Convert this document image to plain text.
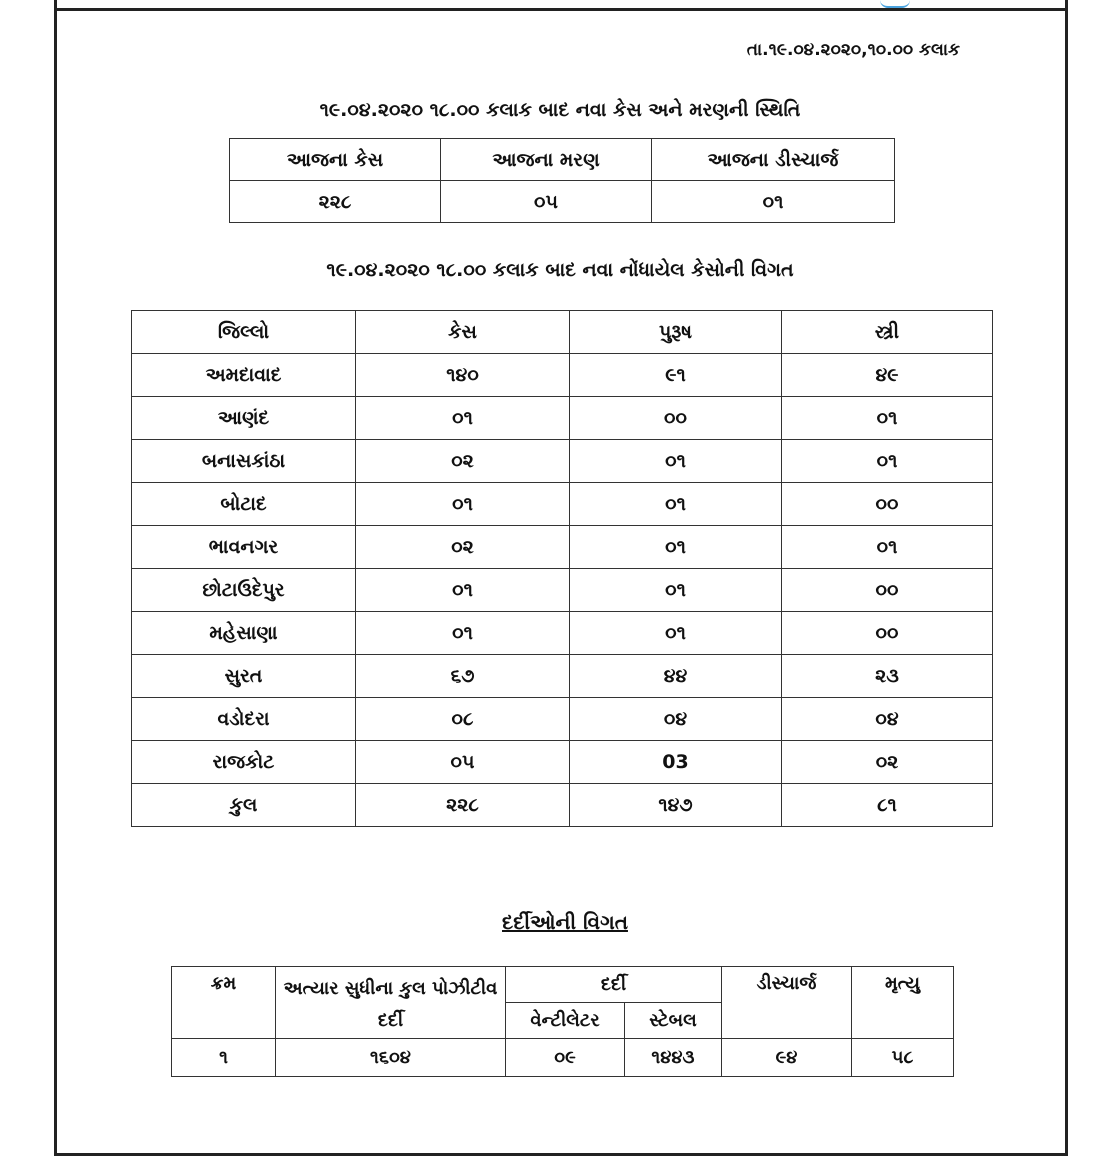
તા.૧૯.૦૪.૨૦૨૦,૧૦.૦૦ કલાક
૧૯.૦૪.૨૦૨૦ ૧૮.૦૦ કલાક બાદ નવા કેસ અને મરણની સ્થિતિ
આજના કેસ	આજના મરણ	આજના ડીસ્ચાર્જ
૨૨૮	૦૫	૦૧
૧૯.૦૪.૨૦૨૦ ૧૮.૦૦ કલાક બાદ નવા નોંધાયેલ કેસોની વિગત
જિલ્લો	કેસ	પુરૂષ	સ્ત્રી
અમદાવાદ	૧૪૦	૯૧	૪૯
આણંદ	૦૧	૦૦	૦૧
બનાસકાંઠા	૦૨	૦૧	૦૧
બોટાદ	૦૧	૦૧	૦૦
ભાવનગર	૦૨	૦૧	૦૧
છોટાઉદેપુર	૦૧	૦૧	૦૦
મહેસાણા	૦૧	૦૧	૦૦
સુરત	૬૭	૪૪	૨૩
વડોદરા	૦૮	૦૪	૦૪
રાજકોટ	૦૫	03	૦૨
કુલ	૨૨૮	૧૪૭	૮૧
દર્દીઓની વિગત
ક્રમ	અત્યાર સુધીના કુલ પોઝીટીવ દર્દી	દર્દી		ડીસ્ચાર્જ	મૃત્યુ
		વેન્ટીલેટર	સ્ટેબલ		
૧	૧૬૦૪	૦૯	૧૪૪૩	૯૪	૫૮
